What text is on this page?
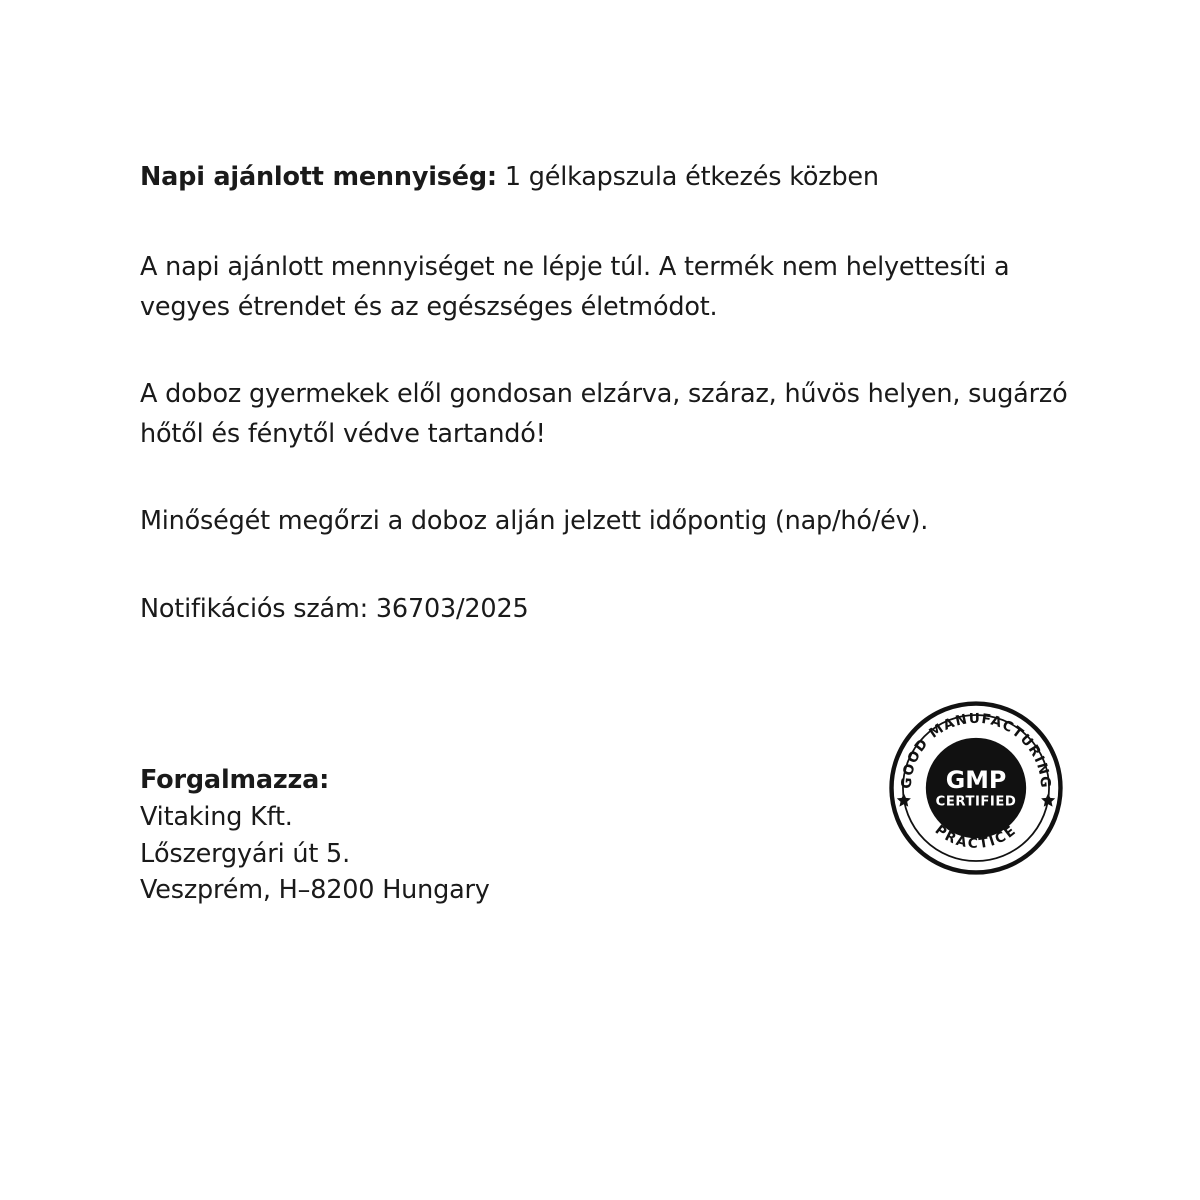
Napi ajánlott mennyiség: 1 gélkapszula étkezés közben

A napi ajánlott mennyiséget ne lépje túl. A termék nem helyettesíti a vegyes étrendet és az egészséges életmódot.

A doboz gyermekek elől gondosan elzárva, száraz, hűvös helyen, sugárzó hőtől és fénytől védve tartandó!

Minőségét megőrzi a doboz alján jelzett időpontig (nap/hó/év).

Notifikációs szám: 36703/2025

Forgalmazza:

Vitaking Kft.

Lőszergyári út 5.

Veszprém, H–8200 Hungary

GOOD MANUFACTURING
PRACTICE
GMP
CERTIFIED
